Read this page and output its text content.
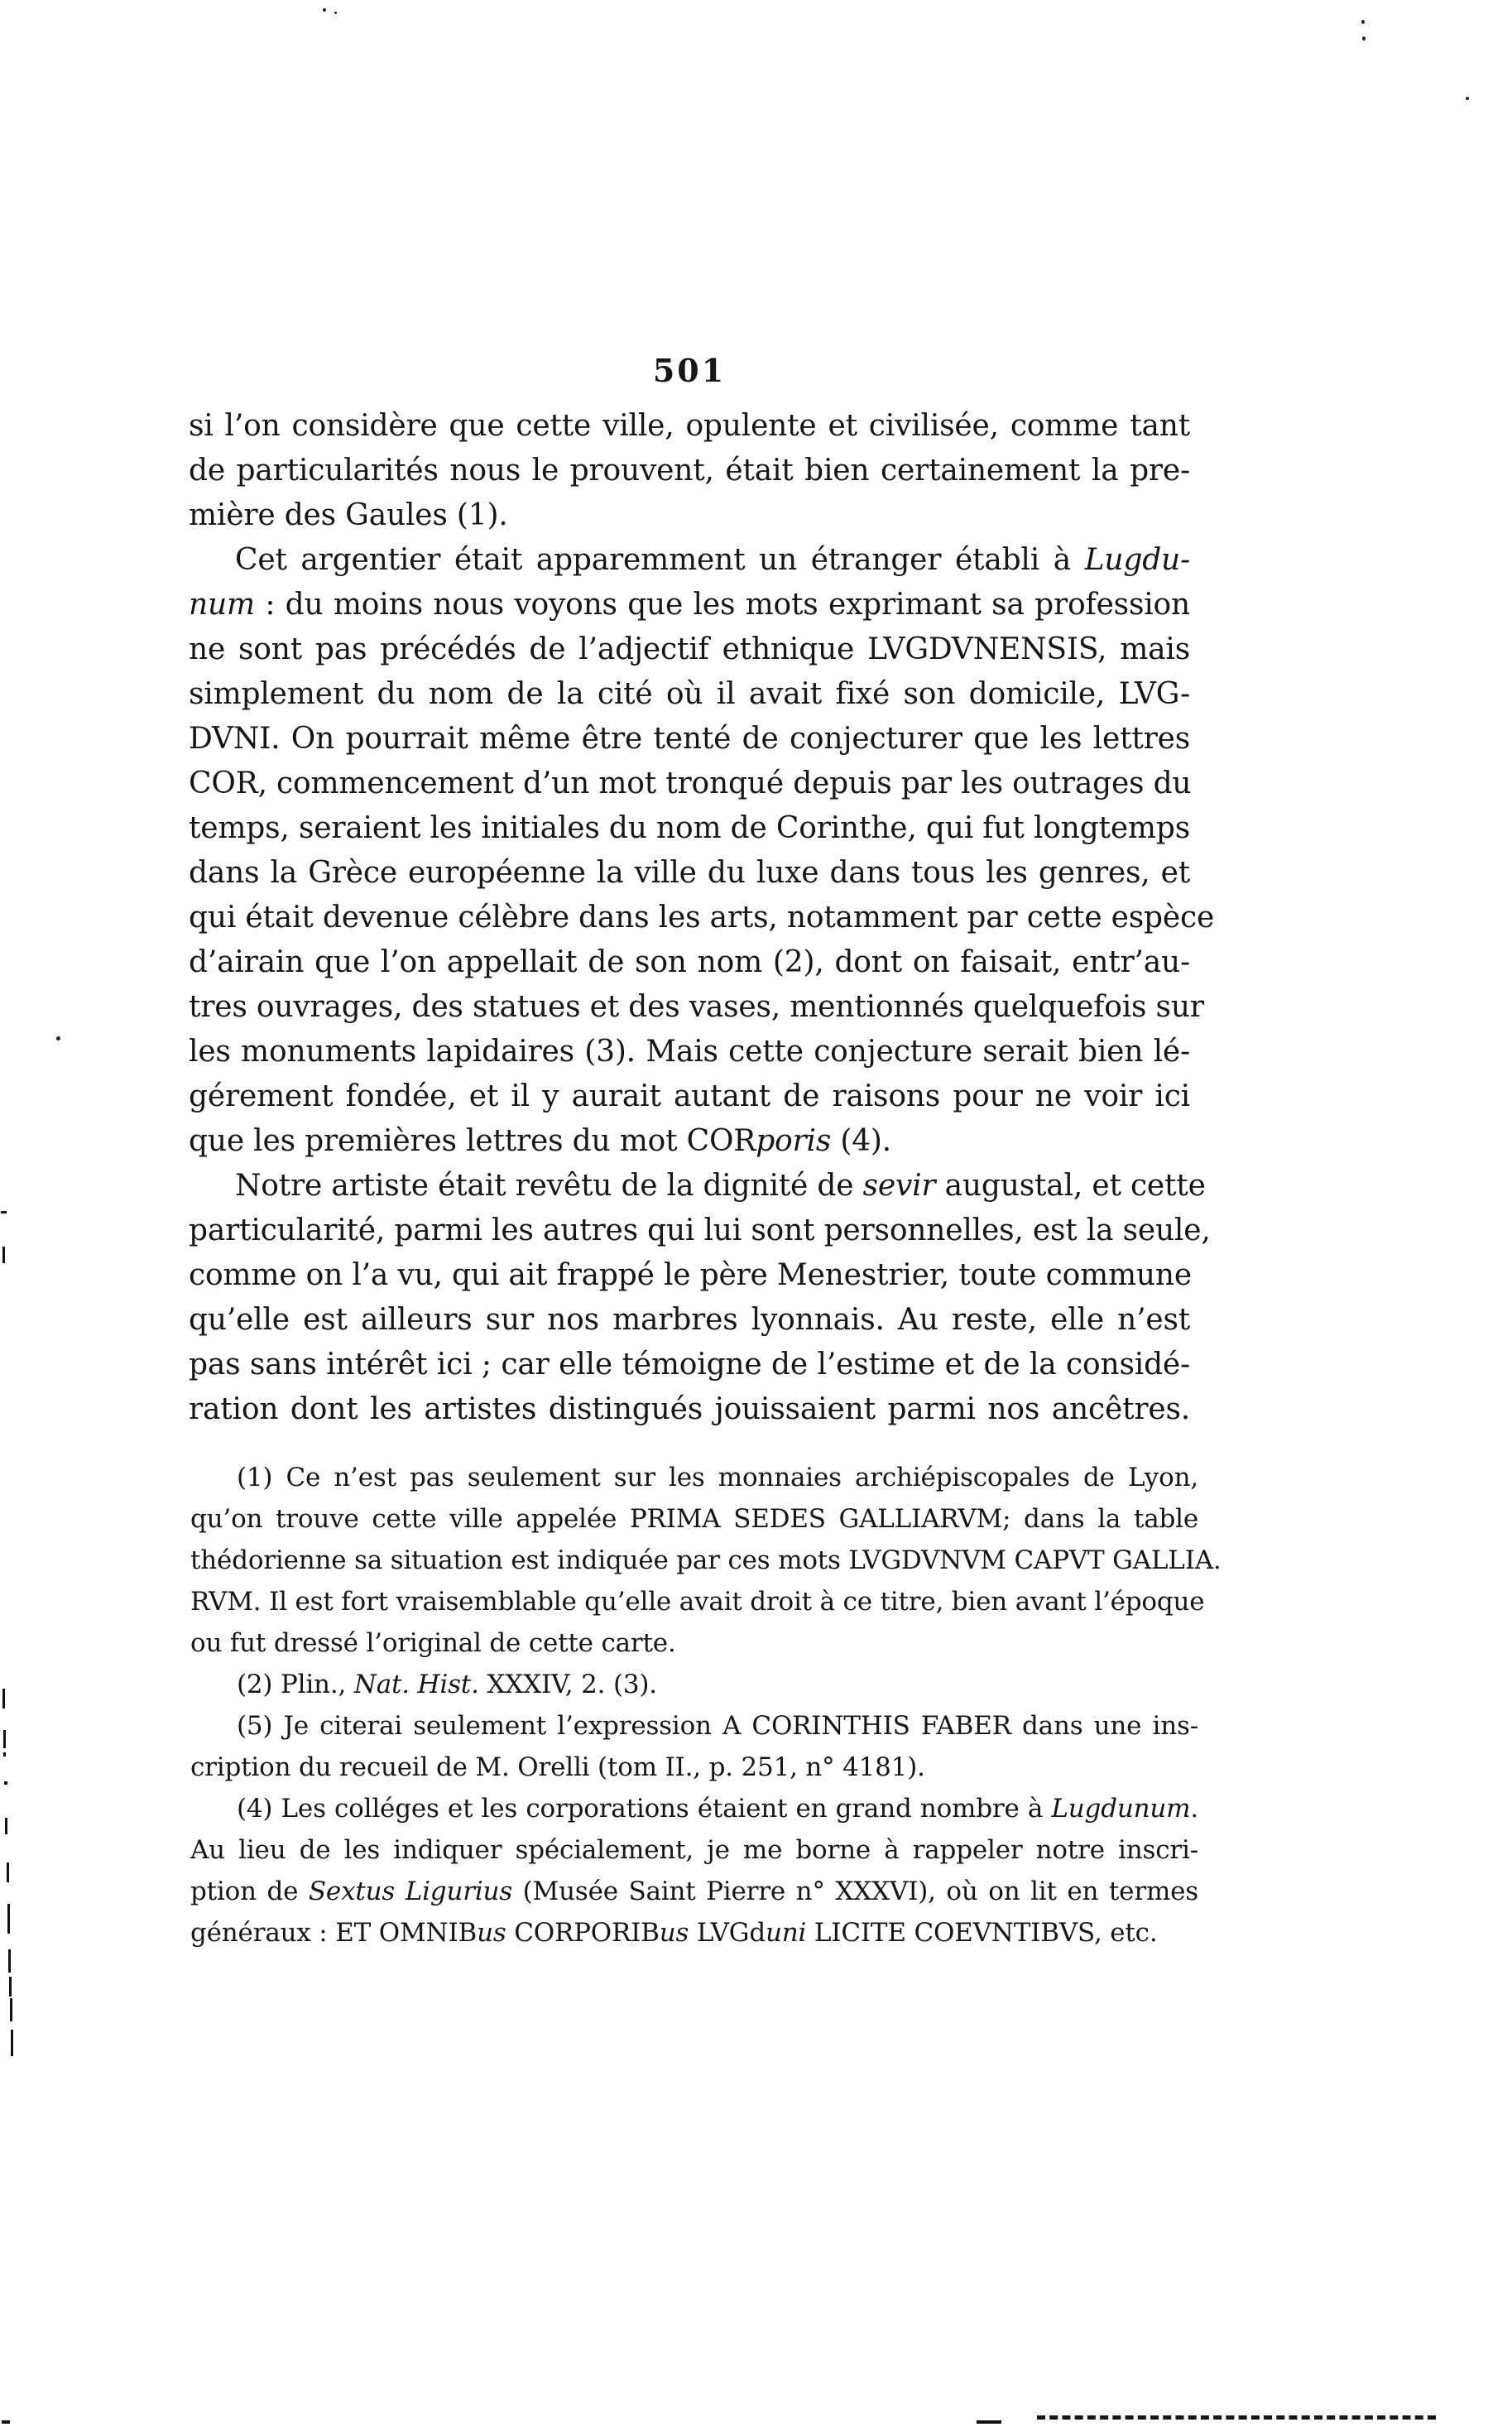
501
si l’on considère que cette ville, opulente et civilisée, comme tant
de particularités nous le prouvent, était bien certainement la pre-
mière des Gaules (1).
Cet argentier était apparemment un étranger établi à Lugdu-
num : du moins nous voyons que les mots exprimant sa profession
ne sont pas précédés de l’adjectif ethnique LVGDVNENSIS, mais
simplement du nom de la cité où il avait fixé son domicile, LVG-
DVNI. On pourrait même être tenté de conjecturer que les lettres
COR, commencement d’un mot tronqué depuis par les outrages du
temps, seraient les initiales du nom de Corinthe, qui fut longtemps
dans la Grèce européenne la ville du luxe dans tous les genres, et
qui était devenue célèbre dans les arts, notamment par cette espèce
d’airain que l’on appellait de son nom (2), dont on faisait, entr’au-
tres ouvrages, des statues et des vases, mentionnés quelquefois sur
les monuments lapidaires (3). Mais cette conjecture serait bien lé-
gérement fondée, et il y aurait autant de raisons pour ne voir ici
que les premières lettres du mot CORporis (4).
Notre artiste était revêtu de la dignité de sevir augustal, et cette
particularité, parmi les autres qui lui sont personnelles, est la seule,
comme on l’a vu, qui ait frappé le père Menestrier, toute commune
qu’elle est ailleurs sur nos marbres lyonnais. Au reste, elle n’est
pas sans intérêt ici ; car elle témoigne de l’estime et de la considé-
ration dont les artistes distingués jouissaient parmi nos ancêtres.
(1) Ce n’est pas seulement sur les monnaies archiépiscopales de Lyon,
qu’on trouve cette ville appelée PRIMA SEDES GALLIARVM; dans la table
thédorienne sa situation est indiquée par ces mots LVGDVNVM CAPVT GALLIA.
RVM. Il est fort vraisemblable qu’elle avait droit à ce titre, bien avant l’époque
ou fut dressé l’original de cette carte.
(2) Plin., Nat. Hist. XXXIV, 2. (3).
(5) Je citerai seulement l’expression A CORINTHIS FABER dans une ins-
cription du recueil de M. Orelli (tom II., p. 251, n° 4181).
(4) Les colléges et les corporations étaient en grand nombre à Lugdunum.
Au lieu de les indiquer spécialement, je me borne à rappeler notre inscri-
ption de Sextus Ligurius (Musée Saint Pierre n° XXXVI), où on lit en termes
généraux : ET OMNIBus CORPORIBus LVGduni LICITE COEVNTIBVS, etc.
